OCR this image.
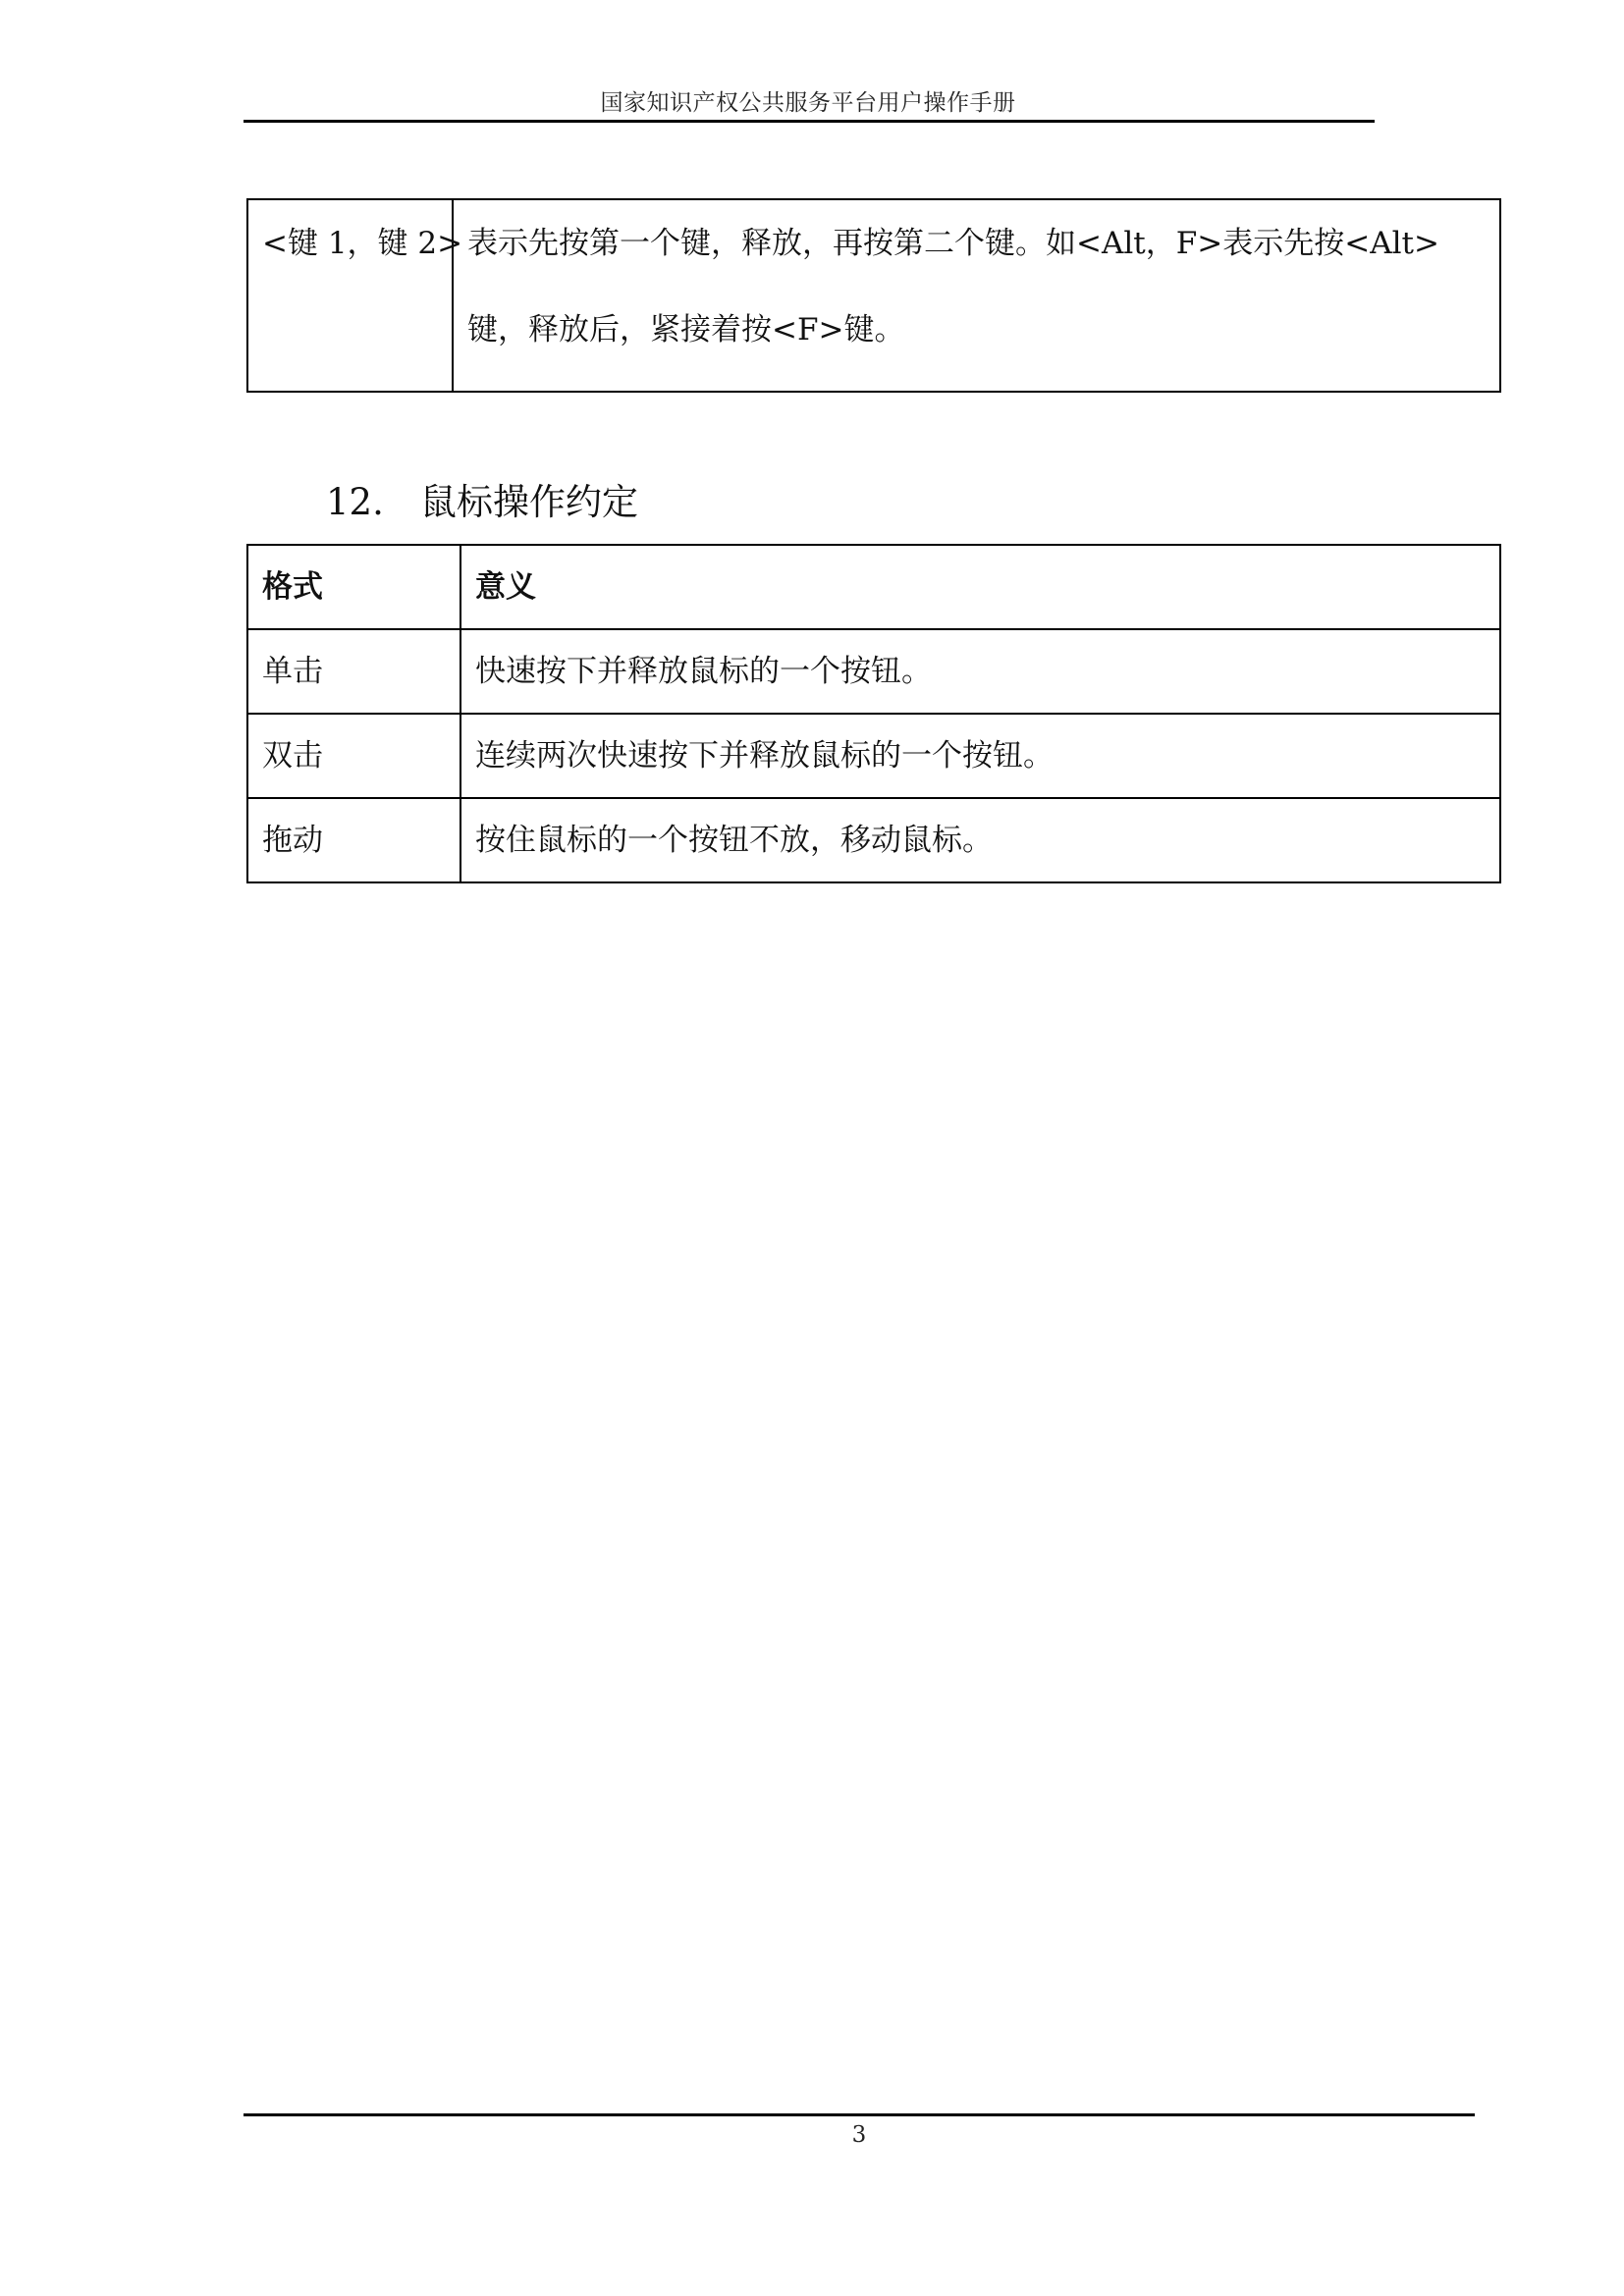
国家知识产权公共服务平台用户操作手册
<键 1，键 2>	表示先按第一个键，释放，再按第二个键。如<Alt，F>表示先按<Alt>键，释放后，紧接着按<F>键。
12. 鼠标操作约定
格式	意义
单击	快速按下并释放鼠标的一个按钮。
双击	连续两次快速按下并释放鼠标的一个按钮。
拖动	按住鼠标的一个按钮不放，移动鼠标。
3
